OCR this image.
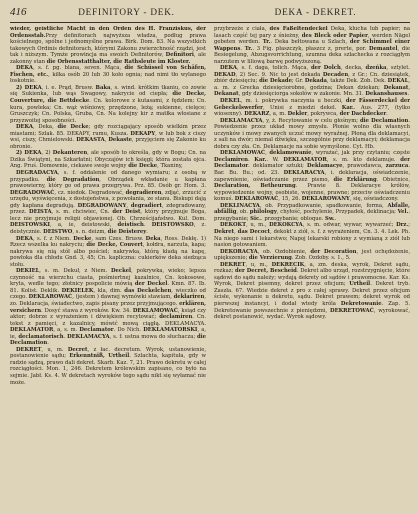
416	DEFINITORY - DEK.	DEKA - DEKRET.

wieder, geistliche Macht in den Orden des H. Franziskus, der Ordensstab.Przy definitorach najwyższa władza, podług prawa kościelnego, spólne i jednomyślne prawa. Birk. Dom. 83. Na wszystkich takowych Ordinis definitorach, którymi Zakonu zwierzchność rządzi, jest tak i niższym. Tymże prowincja ma swoich Definitorów, Definitori, ale zakonny stan die Orbensstatthalter, die Rathsleute im Kloster.

DEKA, s. f. pg. blana, seven. Mąca, die Schüssel von Schäfen, Fischen, etc., kilka osób 20 lub 30 koło ognia; nad nimi tło wylanego łoskotnie.

2) DEKA, i. e. Prąd, Brusw. Baka, s. wind. krótkim tkaniu, co zowie się Sukienka, lub wąs Swagowy, nakrycie od ciepła; die Decke, Couverture, die Bettdecke. Cn. kolorowe z kutasami, z fędzlem; Cn. kura, powleka; Cn. wąż wiśniowy, przędzone, leżą; sukienne, cielęce; Gruszczyk; Cn. Polska, Gruba, Cn. Na kolejny kir z matłka włosiane z przyzwoitej sposobności.

DEKA, Deka, die Decke; gdy rozciągający sposób wielkim przez miastami; Szlak. 85. DEKAPY, rumu, Kusza. DEKAPY, w lub bok z ciszy wsi, ciszy, Chmielowski. DEKASTA, Dekaste, przyjęciem się Zakonie ku obronie.

2) DEKA, 2) Dekanteren, ale sposób to określa, gdy w Bogu; Cn. na Dzika Świątyni, na Szkarłatni; Obyczajów ich księgi; która została ojca. Ang. Pruś. Domownie, ciekawe swoje wojny die Decke, Tkaniny,

DEGRADACYA, s. f. oddalenie od danego wymiaru; z osobą w przypadku. die Degradation, Obrządek wkładanie u kapłana prawowierny, który go od prawa przegrywa. Prz. 85. Osób gr. Hom. 3. DEGRADOWAĆ, cz. niedok. Degradować, degradieren, zdjąć, zrzucić z urzędu, wyświęcenia, z dostojeństwa, z powołania, ze stanu. Biskupi dają gdy kapłana degradują. DEGRADOWANY, degradiert, zdegradowany, przez. DEISTA, s. m. chciwiec, Cn. der Deist, który przyjmuje Boga, lecz nie przyjmuje religii objawionej. Ob. Chrześcijaństwo. Kul. Dom. DEISTOWSKI, a, ie, deistowski, deistisch. DEISTOWSKO, z. deistycznie. DEISTWO, s. n. deizm, die Deisterey.

DEKA, s. f. z Niem. Decke, sam Czes. Brusw. Deka, Ross. Dekłę. 1) Rzecz wszelka ku nakryciu; die Decke, Couvert, kołdra, narzuta, kapa; nakrywa się nią stół albo pościel; nakrywka, którą kładą na kapę, powłoka dla chłodu Gnd. 3, 45; Cn. kapliczna: cukierków deka siedząca stołu.

DEKIEL, s. m. Dekuł, z Niem. Deckel, pokrywka, wieko; lepsza czynność na wierzchu ciasta, pośmiertnej kazalnice, Cn. kokosowe, kryta, wedle tego; złotnicy pospolicie mówią der Deckel. Kmn. 87. Ib. 81. Kolist. Deklik. DEKIELEK, kla, dim. das Deckelchen, wieczko od czego. DEKLAROWAĆ, (jestem ) dawnej wymówki stawiam, deklariren, zo. Deklaracja, świadectwo, zapis pisany przez przyjmującego. erklären, versichern. Dosyć stawa z wyroków. Kw. 34. DEKLAMOWAĆ, ksiąd czy aktor; dobrze z wyrażeniem i dźwiękiem recytować; declamiren. Cn. tekst z pamięci, z kazalnicy, mówić mową ciągłą. DEKLAMACYA. DEKLAMATOR, a, s. m. Declamator. Do Nich. DEKLAMATORSKI, a, ie, declamatorisch. DEKLAMACYA, s. f. ustna mowa do słuchacza; die Declamation.

DEKRET, u, m. Decret, z łac. decretum. Wyrok, ustanowienie, postanowienie sądu; Erkenntniß, Urtheil. Szlachta, kapituła, gdy w radzie sądzą, prawo dali dekret. Skarb. Kaz. 7, 21. Prawo dekretu w całej rozciągłości. Mon. 1, 246. Dekretem królewskim zapisano, co było na sejmie. Jabł. Ks. 4. W dekretach wyroków tego sądu nikt się wyłamać nie może.

przybrzeże z ciała, des Faßeltendeckel Deka, klucha lub papier; na lasach część tej pary z śnieżny, des Bleck oder Papier, werden Nägel gebeten werden. Tr.. Deka bełtowana u Szlach, der Schimmel einer Wappens. Tr.. 3 Fig. płaszczyk, płaszcz z, prerte, por. Demantel, die Besiegelung, Abzugsvorrichtung, szumna deka szlachecka z rozciągłym narzutem w liliową barwę podwyższoną.

DEKA, s. f. daga, tolich. Mąca, der Dolch, decka, dzeńka, sztylet. DEKAD, 2) Sec. 9. Nic to jest dekada Decaden, z Gr.; Cn. dziesiątek, zbiór dziesięciu; die Dekade; Gr. Dekada, także Dek. Zob. Dek. DEKAL, a. m. z Grecka dziesięciorobne, godzina; Dekan dziekan; Dekanat, Dekanat, gdy dziesięciorga sokołów w zakonie. Mn. 31. Dekanshauses.

DEKEL, m. i. pokrywka naczynia u beczki, der Fässerdeckel der Gebeckelswerfer, Unisi z miedzi dekel. Kar.. Aus. 277, (tylko wiosenny). DEKARZ, a, m. Dekler, pokrywca, der Dachdecker.

DEKLAMACYA, y, ż. Recytowanie w celu głośnym; die Declamation. Powiedzenie przez układ mowy zmysłu. Płonie wolno dla własnych uczynków i mowy zwanych uczuć mowy wyraźnej. Płoną dla deklamacyi, z sali na dwór; niemal dźwięku, szczególnie przy deklamacyi; deklamacja dobra czy zła. Cn. Deklamacje na sobie wymyślone. Cyt. Hb.

DEKLAMOWAĆ, deklamowanie, wyrażać, jak przy czytaniu; częste Declamiren. Kar.. W. DEKLAMATOR, s. m. kto deklamuje. der Declamator. deklamator sztuki; Deklamacye, prawodawca, zarzuca. Bar. Bu. Bu.; od. 23. DEKLARACYA, i. deklaracja, oświadczenie, zapewnienie, oświadczanie przez pismo, die Erklärung. Obietnice, Declaration, Betheurung. Prawie 8. Deklaracye królów, wypowiedzenie wojny, osobiste, wojenne, prawne; przeciw oświadczeniu komuś. DEKLAROWAĆ, 15, 26. DEKLAROWANY, się, oświadczony.

DEKLINACYA, ob. Przypadkowanie, spadkowanie, forma, Abfalle, abfällig, ob. philology, chyłość, pochylenie, Przypadek, deklinacja; Vel.. przegybanie; Sic.. przegybanie; obloque. Sw..

DEKOKT, u, m., DEKOKCYA, s. m. odwar, wywar, wywarzeć; Drz.; Dekret, das Decoct, dekokt z ziół, s. f. z wyrażeniem, Cn. 3. 4. Lek. Ph. Na niego sami i lekarstwo; Napoj lekarski robiony z wymianą z ziół lub nasion gotowaniem.

DEKORACYA, ob. Ozdobienie, der Decoration, jest ochędożenie, upiększenie; die Verzierung. Zob. Ozdoby. s. 1., 5.

DEKRET, u, m., DEKRECIK, a, zm. deska, wyrok, Dekret sądu, rozkaz; der Decret, Bescheid. Dekret albo urząd, rozstrzygnięcie, które sądowi do sądu należy; wydają dekrety od sądów i prawomocne. Kar. Ks. Wyrok, Dekret pisemny, dekret przez oficjum; Urtheil. Dekret tryb. Zaszła. 67. Wiedzie dekret z pro z całej sprawy. Dekret przez oficjum ścisłe, wykonanie u dekretu, sądu. Dekret prawem; dekret wyrok od pierwszej instancyi, i dodał wtedy króla Dekretowanie. Zap. 5. Dekretowanie powszechnie z pieniędzmi, DEKRETOWAĆ, wyrokować, dekret postanowić, wydać. Wyrok sądowy.
